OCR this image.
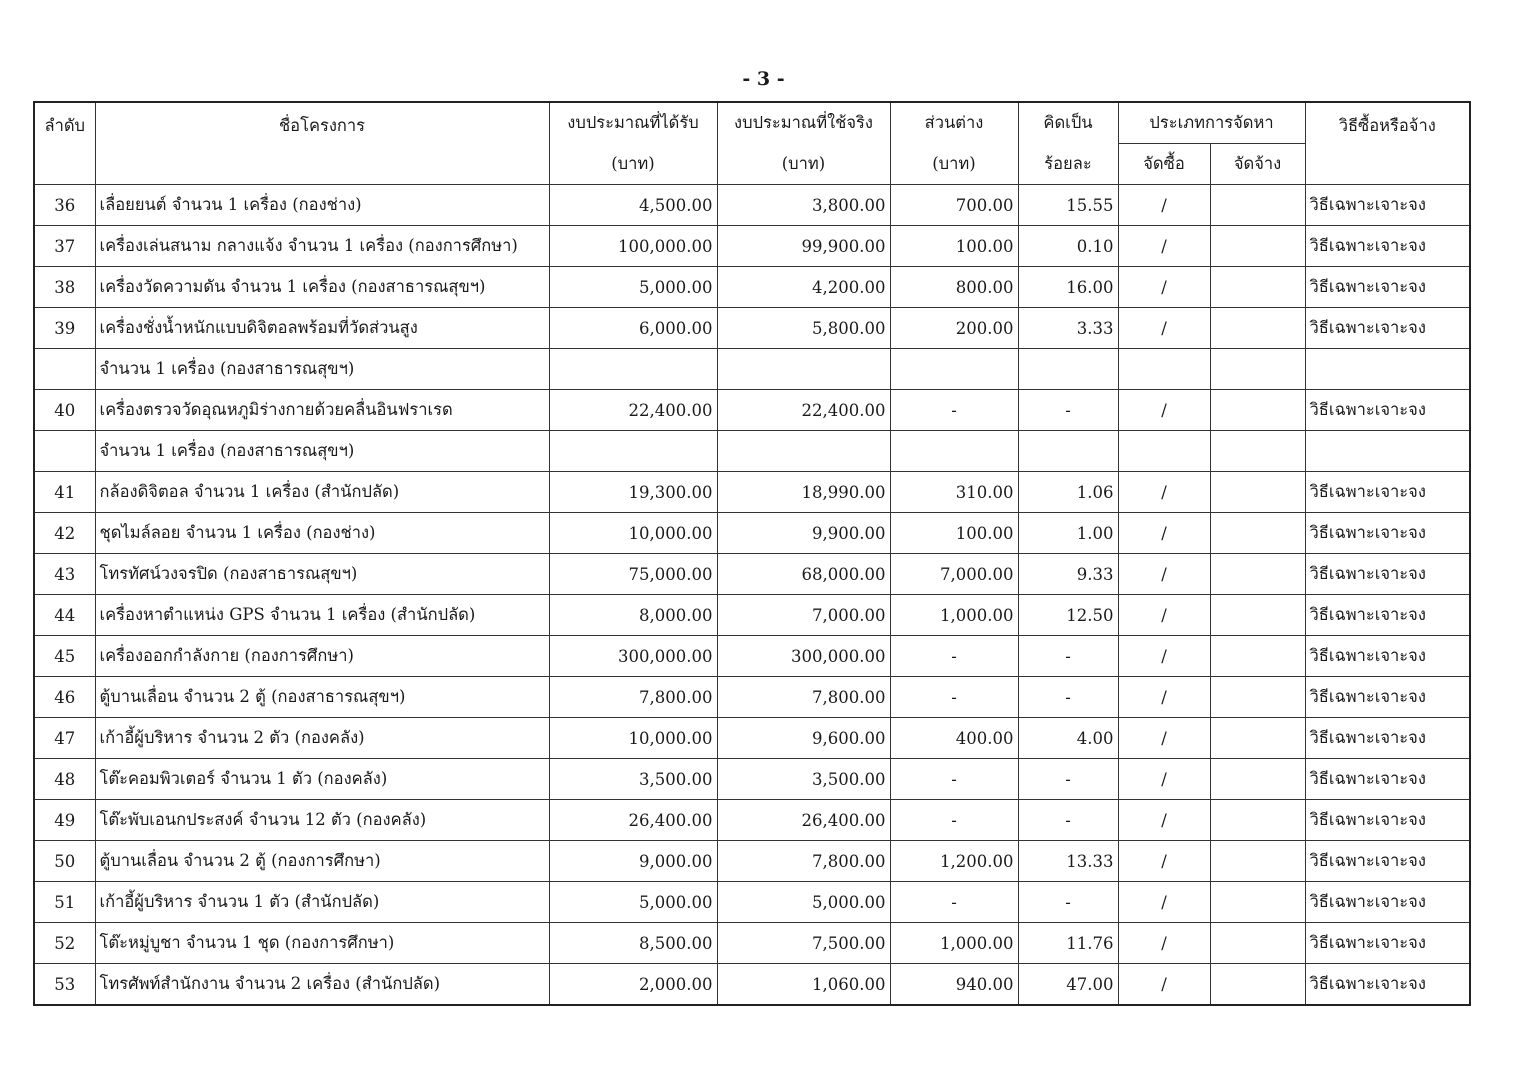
- 3 -
ลำดับ	ชื่อโครงการ	งบประมาณที่ได้รับ	งบประมาณที่ใช้จริง	ส่วนต่าง	คิดเป็น	ประเภทการจัดหา		วิธีซื้อหรือจ้าง
		(บาท)	(บาท)	(บาท)	ร้อยละ	จัดซื้อ	จัดจ้าง	
36	เลื่อยยนต์ จำนวน 1 เครื่อง (กองช่าง)	4,500.00	3,800.00	700.00	15.55	/		วิธีเฉพาะเจาะจง
37	เครื่องเล่นสนาม กลางแจ้ง จำนวน 1 เครื่อง (กองการศึกษา)	100,000.00	99,900.00	100.00	0.10	/		วิธีเฉพาะเจาะจง
38	เครื่องวัดความดัน จำนวน 1 เครื่อง (กองสาธารณสุขฯ)	5,000.00	4,200.00	800.00	16.00	/		วิธีเฉพาะเจาะจง
39	เครื่องชั่งน้ำหนักแบบดิจิตอลพร้อมที่วัดส่วนสูง	6,000.00	5,800.00	200.00	3.33	/		วิธีเฉพาะเจาะจง
	จำนวน 1 เครื่อง (กองสาธารณสุขฯ)							
40	เครื่องตรวจวัดอุณหภูมิร่างกายด้วยคลื่นอินฟราเรด	22,400.00	22,400.00	-	-	/		วิธีเฉพาะเจาะจง
	จำนวน 1 เครื่อง (กองสาธารณสุขฯ)							
41	กล้องดิจิตอล จำนวน 1 เครื่อง (สำนักปลัด)	19,300.00	18,990.00	310.00	1.06	/		วิธีเฉพาะเจาะจง
42	ชุดไมล์ลอย จำนวน 1 เครื่อง (กองช่าง)	10,000.00	9,900.00	100.00	1.00	/		วิธีเฉพาะเจาะจง
43	โทรทัศน์วงจรปิด (กองสาธารณสุขฯ)	75,000.00	68,000.00	7,000.00	9.33	/		วิธีเฉพาะเจาะจง
44	เครื่องหาตำแหน่ง GPS จำนวน 1 เครื่อง (สำนักปลัด)	8,000.00	7,000.00	1,000.00	12.50	/		วิธีเฉพาะเจาะจง
45	เครื่องออกกำลังกาย (กองการศึกษา)	300,000.00	300,000.00	-	-	/		วิธีเฉพาะเจาะจง
46	ตู้บานเลื่อน จำนวน 2 ตู้ (กองสาธารณสุขฯ)	7,800.00	7,800.00	-	-	/		วิธีเฉพาะเจาะจง
47	เก้าอี้ผู้บริหาร จำนวน 2 ตัว (กองคลัง)	10,000.00	9,600.00	400.00	4.00	/		วิธีเฉพาะเจาะจง
48	โต๊ะคอมพิวเตอร์ จำนวน 1 ตัว (กองคลัง)	3,500.00	3,500.00	-	-	/		วิธีเฉพาะเจาะจง
49	โต๊ะพับเอนกประสงค์ จำนวน 12 ตัว (กองคลัง)	26,400.00	26,400.00	-	-	/		วิธีเฉพาะเจาะจง
50	ตู้บานเลื่อน จำนวน 2 ตู้ (กองการศึกษา)	9,000.00	7,800.00	1,200.00	13.33	/		วิธีเฉพาะเจาะจง
51	เก้าอี้ผู้บริหาร จำนวน 1 ตัว (สำนักปลัด)	5,000.00	5,000.00	-	-	/		วิธีเฉพาะเจาะจง
52	โต๊ะหมู่บูชา จำนวน 1 ชุด (กองการศึกษา)	8,500.00	7,500.00	1,000.00	11.76	/		วิธีเฉพาะเจาะจง
53	โทรศัพท์สำนักงาน จำนวน 2 เครื่อง (สำนักปลัด)	2,000.00	1,060.00	940.00	47.00	/		วิธีเฉพาะเจาะจง
